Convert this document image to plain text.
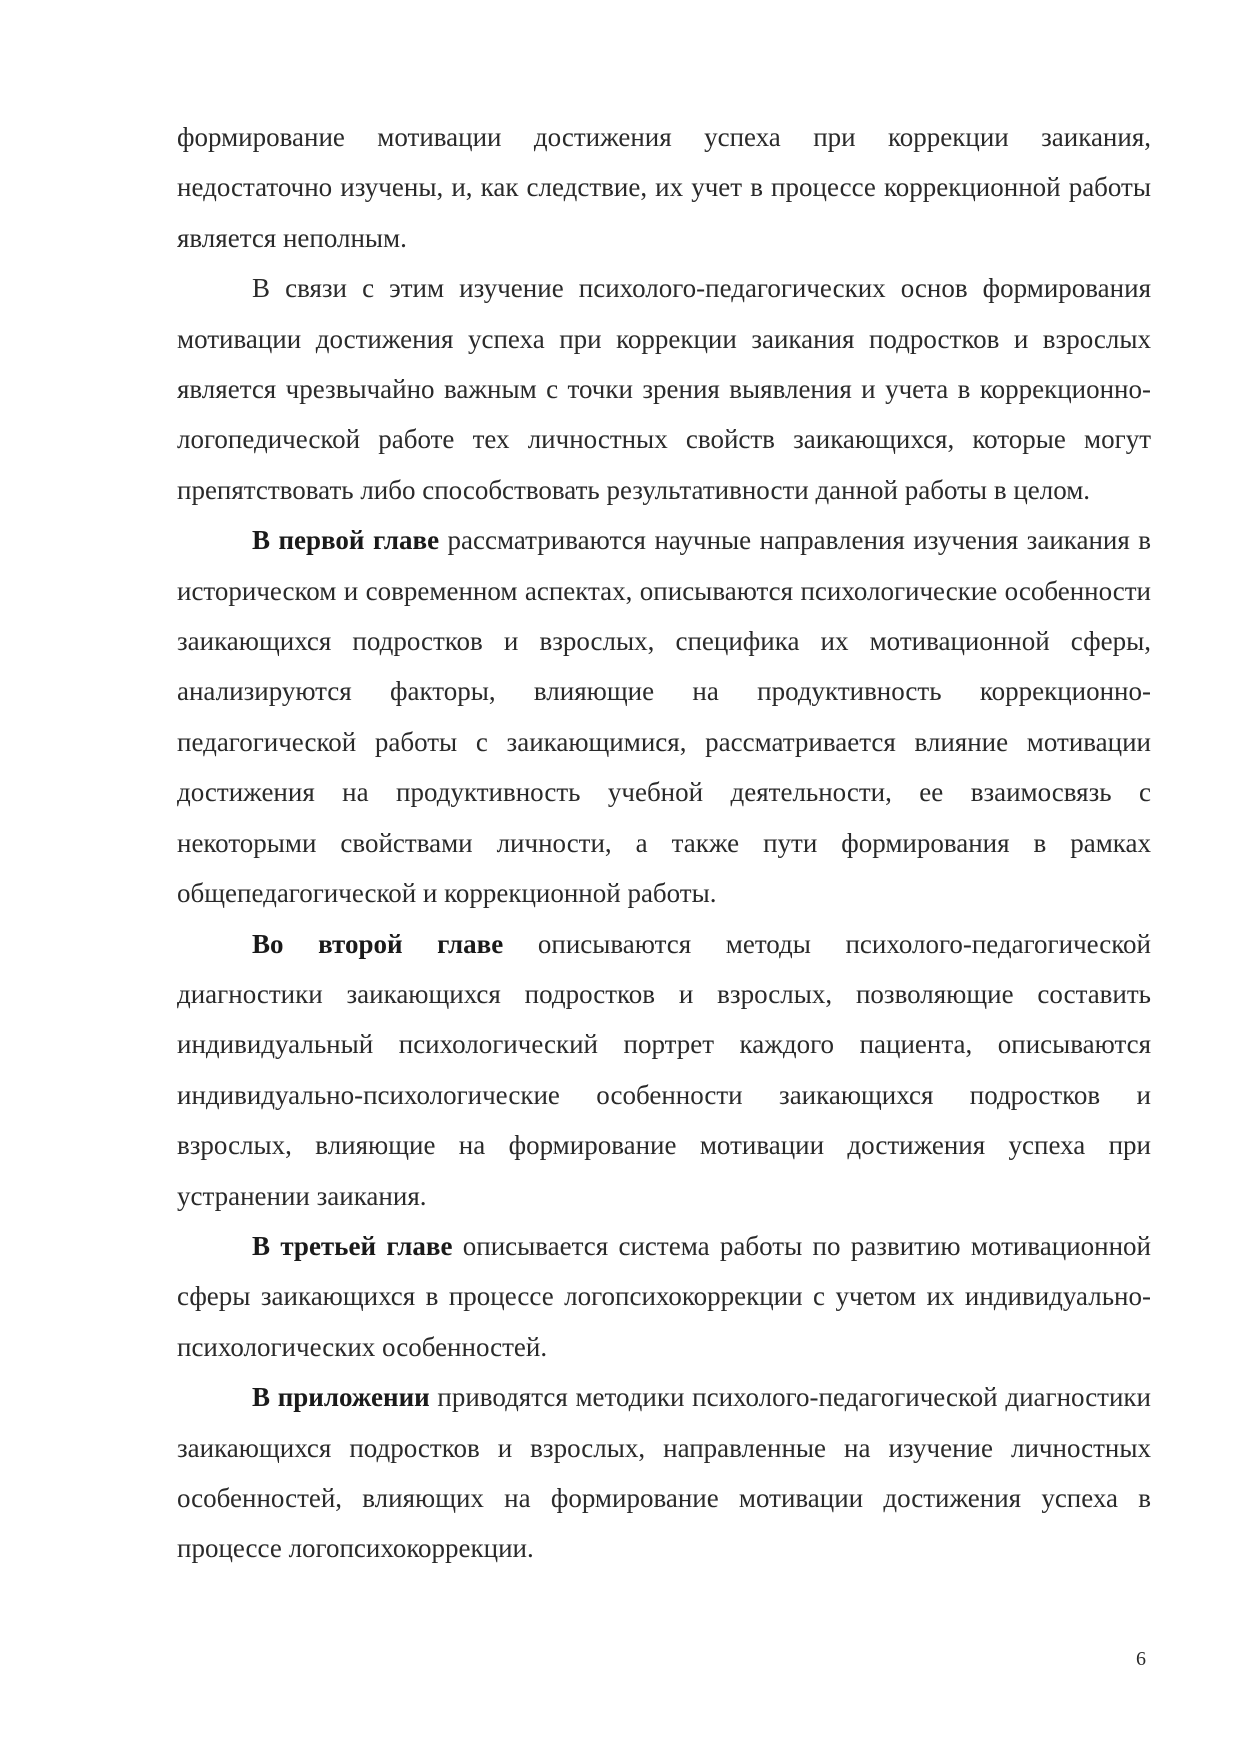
формирование мотивации достижения успеха при коррекции заикания, недостаточно изучены, и, как следствие, их учет в процессе коррекционной работы является неполным.

В связи с этим изучение психолого-педагогических основ формирования мотивации достижения успеха при коррекции заикания подростков и взрослых является чрезвычайно важным с точки зрения выявления и учета в коррекционно-логопедической работе тех личностных свойств заикающихся, которые могут препятствовать либо способствовать результативности данной работы в целом.

В первой главе рассматриваются научные направления изучения заикания в историческом и современном аспектах, описываются психологические особенности заикающихся подростков и взрослых, специфика их мотивационной сферы, анализируются факторы, влияющие на продуктивность коррекционно-педагогической работы с заикающимися, рассматривается влияние мотивации достижения на продуктивность учебной деятельности, ее взаимосвязь с некоторыми свойствами личности, а также пути формирования в рамках общепедагогической и коррекционной работы.

Во второй главе описываются методы психолого-педагогической диагностики заикающихся подростков и взрослых, позволяющие составить индивидуальный психологический портрет каждого пациента, описываются индивидуально-психологические особенности заикающихся подростков и взрослых, влияющие на формирование мотивации достижения успеха при устранении заикания.

В третьей главе описывается система работы по развитию мотивационной сферы заикающихся в процессе логопсихокоррекции с учетом их индивидуально-психологических особенностей.

В приложении приводятся методики психолого-педагогической диагностики заикающихся подростков и взрослых, направленные на изучение личностных особенностей, влияющих на формирование мотивации достижения успеха в процессе логопсихокоррекции.

6
